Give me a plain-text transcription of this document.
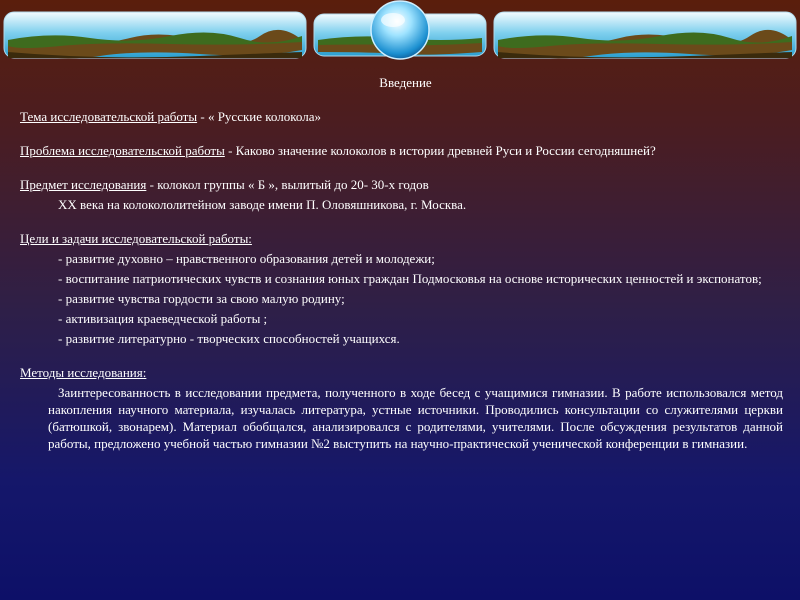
Введение

Тема исследовательской работы - « Русские колокола»

Проблема исследовательской работы - Каково значение колоколов в истории древней Руси и России сегодняшней?

Предмет исследования - колокол группы « Б », вылитый до 20- 30-х годов

XX века на колокололитейном заводе имени П. Оловяшникова, г. Москва.

Цели и задачи исследовательской работы:

- развитие духовно – нравственного образования детей и молодежи;

- воспитание патриотических чувств и сознания юных граждан Подмосковья на основе исторических ценностей и экспонатов;

- развитие чувства гордости за свою малую родину;

- активизация краеведческой работы ;

- развитие литературно - творческих способностей учащихся.

Методы исследования:

Заинтересованность в исследовании предмета, полученного в ходе бесед с учащимися гимназии. В работе использовался метод накопления научного материала, изучалась литература, устные источники. Проводились консультации со служителями церкви (батюшкой, звонарем). Материал обобщался, анализировался с родителями, учителями. После обсуждения результатов данной работы, предложено учебной частью гимназии №2 выступить на научно-практической ученической конференции в гимназии.
